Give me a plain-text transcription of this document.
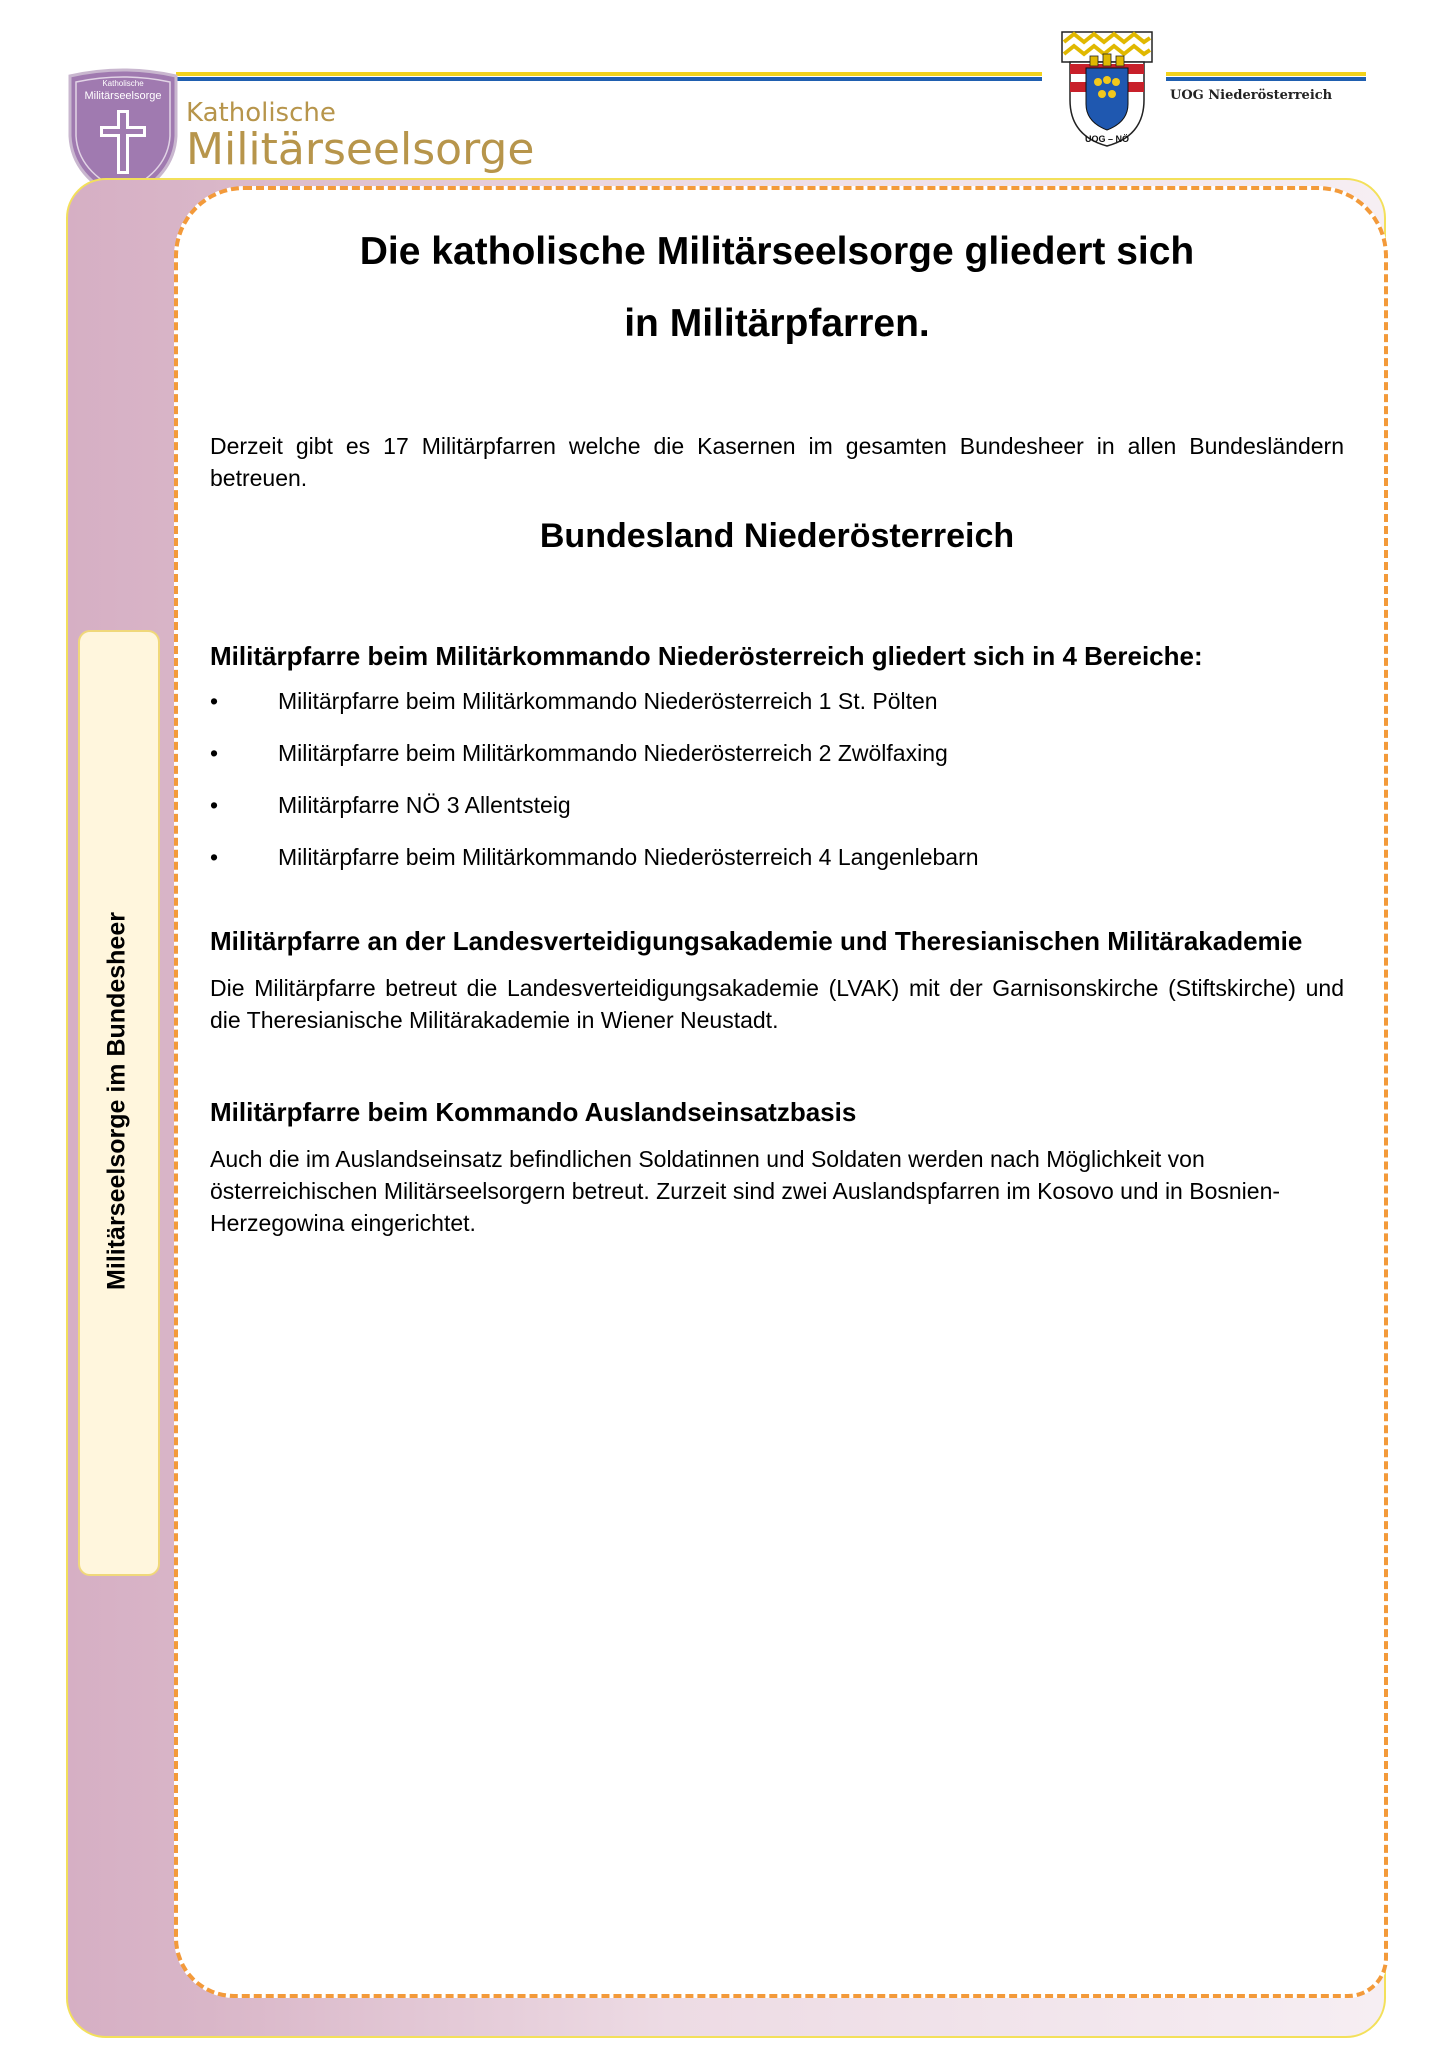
Katholische
Militärseelsorge
Katholische
Militärseelsorge	UOG – NÖ
UOG Niederösterreich
Militärseelsorge im Bundesheer
Die katholische Militärseelsorge gliedert sich
in Militärpfarren.

Derzeit gibt es 17 Militärpfarren welche die Kasernen im gesamten Bundesheer in allen Bundesländern betreuen.

Bundesland Niederösterreich
Militärpfarre beim Militärkommando Niederösterreich gliedert sich in 4 Bereiche:
•	Militärpfarre beim Militärkommando Niederösterreich 1 St. Pölten
•	Militärpfarre beim Militärkommando Niederösterreich 2 Zwölfaxing
•	Militärpfarre NÖ 3 Allentsteig
•	Militärpfarre beim Militärkommando Niederösterreich 4 Langenlebarn
Militärpfarre an der Landesverteidigungsakademie und Theresianischen Militärakademie

Die Militärpfarre betreut die Landesverteidigungsakademie (LVAK) mit der Garnisonskirche (Stiftskirche) und die Theresianische Militärakademie in Wiener Neustadt.

Militärpfarre beim Kommando Auslandseinsatzbasis

Auch die im Auslandseinsatz befindlichen Soldatinnen und Soldaten werden nach Möglichkeit von österreichischen Militärseelsorgern betreut. Zurzeit sind zwei Auslandspfarren im Kosovo und in Bosnien-Herzegowina eingerichtet.
